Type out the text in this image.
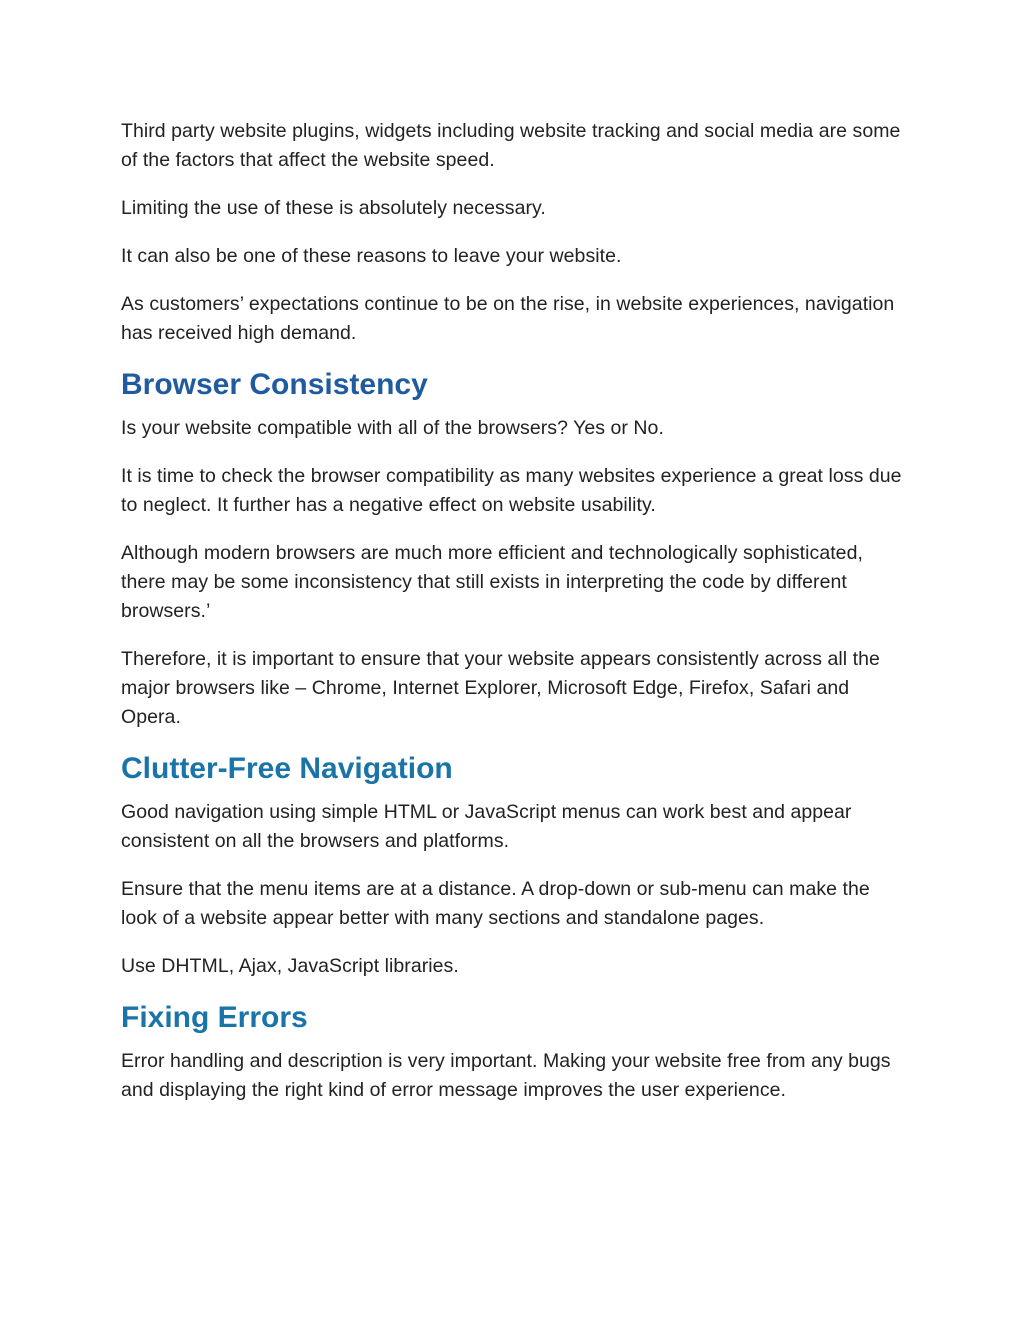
Third party website plugins, widgets including website tracking and social media are some of the factors that affect the website speed.

Limiting the use of these is absolutely necessary.

It can also be one of these reasons to leave your website.

As customers’ expectations continue to be on the rise, in website experiences, navigation has received high demand.

Browser Consistency

Is your website compatible with all of the browsers? Yes or No.

It is time to check the browser compatibility as many websites experience a great loss due to neglect. It further has a negative effect on website usability.

Although modern browsers are much more efficient and technologically sophisticated, there may be some inconsistency that still exists in interpreting the code by different browsers.’

Therefore, it is important to ensure that your website appears consistently across all the major browsers like – Chrome, Internet Explorer, Microsoft Edge, Firefox, Safari and Opera.

Clutter-Free Navigation

Good navigation using simple HTML or JavaScript menus can work best and appear consistent on all the browsers and platforms.

Ensure that the menu items are at a distance. A drop-down or sub-menu can make the look of a website appear better with many sections and standalone pages.

Use DHTML, Ajax, JavaScript libraries.

Fixing Errors

Error handling and description is very important. Making your website free from any bugs and displaying the right kind of error message improves the user experience.
